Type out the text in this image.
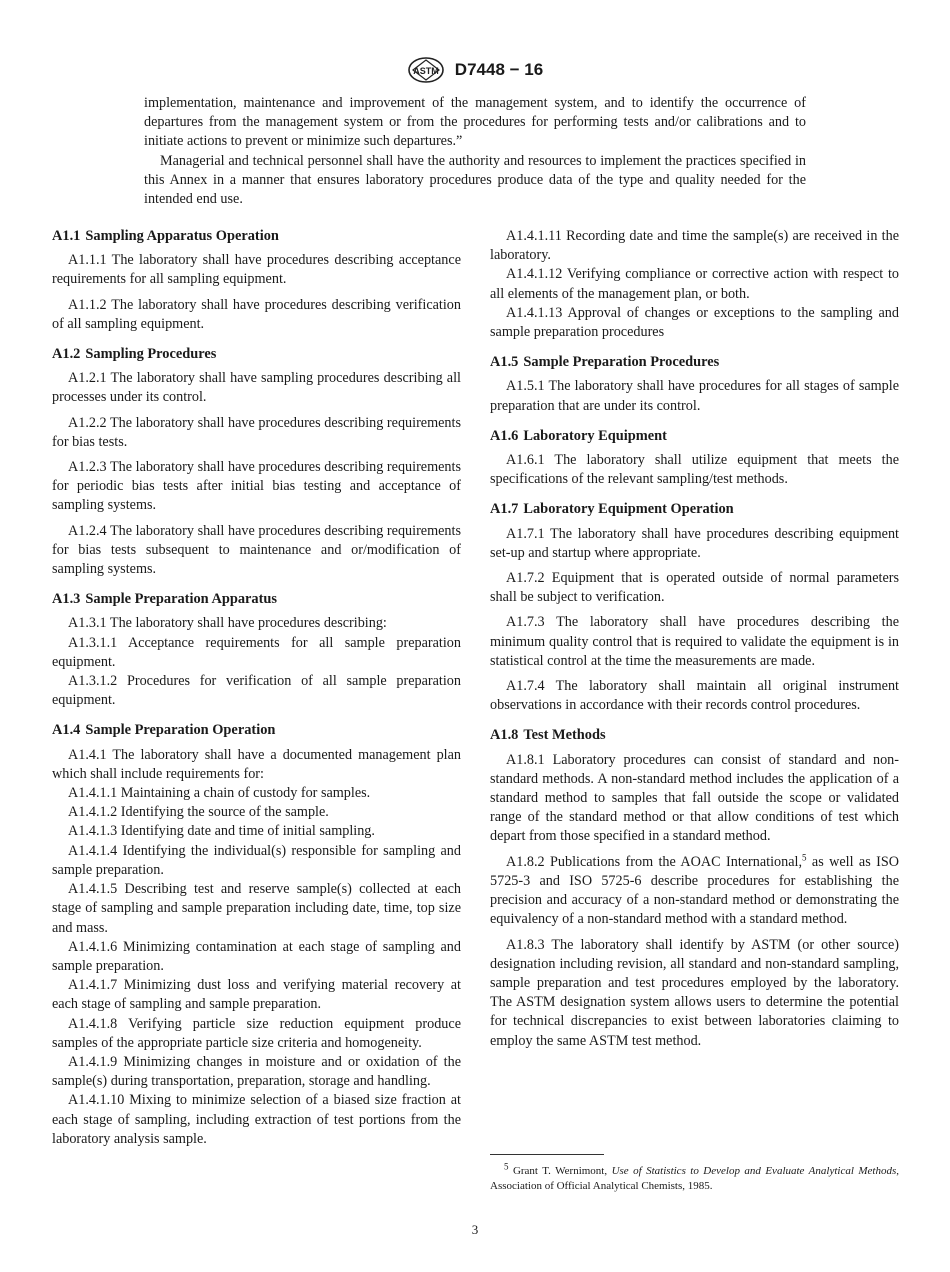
ASTM D7448 − 16

implementation, maintenance and improvement of the management system, and to identify the occurrence of departures from the management system or from the procedures for performing tests and/or calibrations and to initiate actions to prevent or minimize such departures.”

Managerial and technical personnel shall have the authority and resources to implement the practices specified in this Annex in a manner that ensures laboratory procedures produce data of the type and quality needed for the intended end use.

A1.1 Sampling Apparatus Operation

A1.1.1 The laboratory shall have procedures describing acceptance requirements for all sampling equipment.

A1.1.2 The laboratory shall have procedures describing verification of all sampling equipment.

A1.2 Sampling Procedures

A1.2.1 The laboratory shall have sampling procedures describing all processes under its control.

A1.2.2 The laboratory shall have procedures describing requirements for bias tests.

A1.2.3 The laboratory shall have procedures describing requirements for periodic bias tests after initial bias testing and acceptance of sampling systems.

A1.2.4 The laboratory shall have procedures describing requirements for bias tests subsequent to maintenance and or/modification of sampling systems.

A1.3 Sample Preparation Apparatus

A1.3.1 The laboratory shall have procedures describing:

A1.3.1.1 Acceptance requirements for all sample preparation equipment.

A1.3.1.2 Procedures for verification of all sample preparation equipment.

A1.4 Sample Preparation Operation

A1.4.1 The laboratory shall have a documented management plan which shall include requirements for:

A1.4.1.1 Maintaining a chain of custody for samples.

A1.4.1.2 Identifying the source of the sample.

A1.4.1.3 Identifying date and time of initial sampling.

A1.4.1.4 Identifying the individual(s) responsible for sampling and sample preparation.

A1.4.1.5 Describing test and reserve sample(s) collected at each stage of sampling and sample preparation including date, time, top size and mass.

A1.4.1.6 Minimizing contamination at each stage of sampling and sample preparation.

A1.4.1.7 Minimizing dust loss and verifying material recovery at each stage of sampling and sample preparation.

A1.4.1.8 Verifying particle size reduction equipment produce samples of the appropriate particle size criteria and homogeneity.

A1.4.1.9 Minimizing changes in moisture and or oxidation of the sample(s) during transportation, preparation, storage and handling.

A1.4.1.10 Mixing to minimize selection of a biased size fraction at each stage of sampling, including extraction of test portions from the laboratory analysis sample.

A1.4.1.11 Recording date and time the sample(s) are received in the laboratory.

A1.4.1.12 Verifying compliance or corrective action with respect to all elements of the management plan, or both.

A1.4.1.13 Approval of changes or exceptions to the sampling and sample preparation procedures

A1.5 Sample Preparation Procedures

A1.5.1 The laboratory shall have procedures for all stages of sample preparation that are under its control.

A1.6 Laboratory Equipment

A1.6.1 The laboratory shall utilize equipment that meets the specifications of the relevant sampling/test methods.

A1.7 Laboratory Equipment Operation

A1.7.1 The laboratory shall have procedures describing equipment set-up and startup where appropriate.

A1.7.2 Equipment that is operated outside of normal parameters shall be subject to verification.

A1.7.3 The laboratory shall have procedures describing the minimum quality control that is required to validate the equipment is in statistical control at the time the measurements are made.

A1.7.4 The laboratory shall maintain all original instrument observations in accordance with their records control procedures.

A1.8 Test Methods

A1.8.1 Laboratory procedures can consist of standard and non-standard methods. A non-standard method includes the application of a standard method to samples that fall outside the scope or validated range of the standard method or that allow conditions of test which depart from those specified in a standard method.

A1.8.2 Publications from the AOAC International,$^5$ as well as ISO 5725-3 and ISO 5725-6 describe procedures for establishing the precision and accuracy of a non-standard method or demonstrating the equivalency of a non-standard method with a standard method.

A1.8.3 The laboratory shall identify by ASTM (or other source) designation including revision, all standard and non-standard sampling, sample preparation and test procedures employed by the laboratory. The ASTM designation system allows users to determine the potential for technical discrepancies to exist between laboratories claiming to employ the same ASTM test method.

$^5$ Grant T. Wernimont, Use of Statistics to Develop and Evaluate Analytical Methods, Association of Official Analytical Chemists, 1985.
3
